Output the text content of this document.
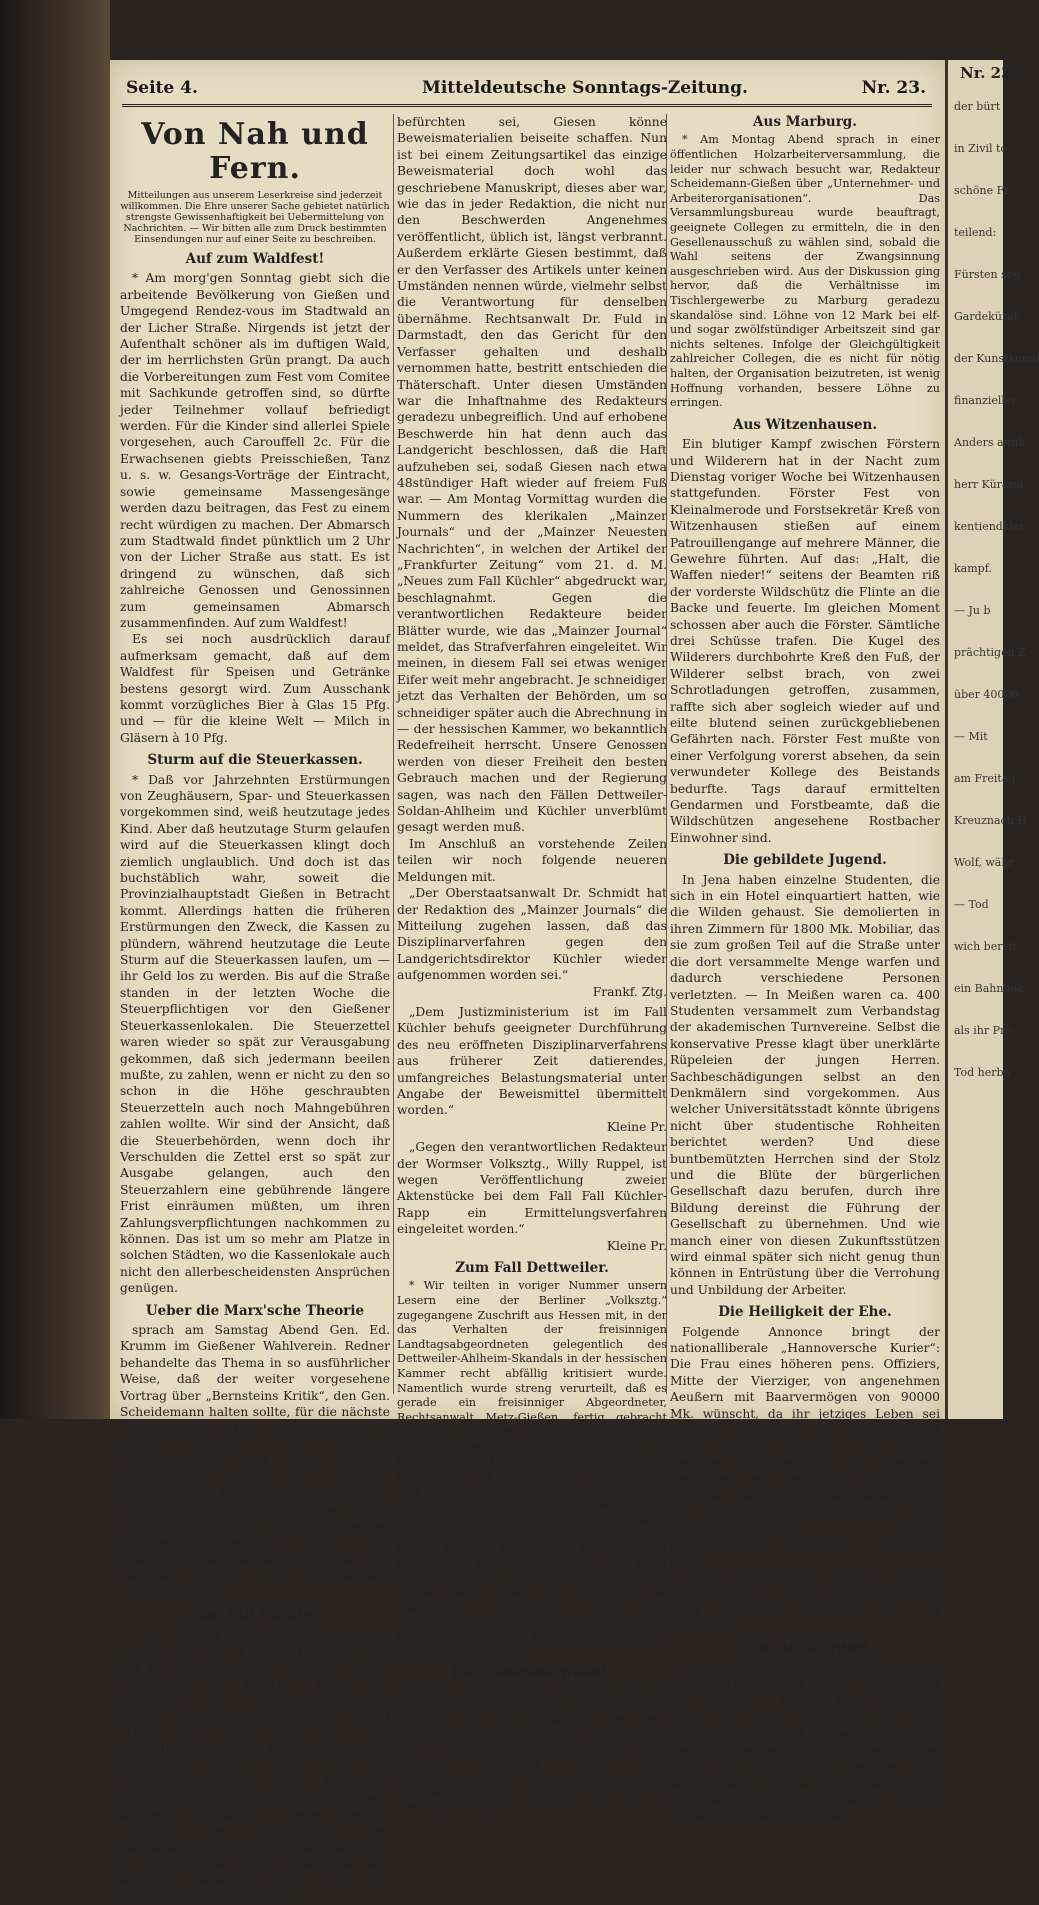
Seite 4.	Mitteldeutsche Sonntags-Zeitung.	Nr. 23.
Von Nah und Fern.
Mitteilungen aus unserem Leserkreise sind jederzeit willkommen. Die Ehre unserer Sache gebietet natürlich strengste Gewissenhaftigkeit bei Uebermittelung von Nachrichten. — Wir bitten alle zum Druck bestimmten Einsendungen nur auf einer Seite zu beschreiben.
Auf zum Waldfest!

* Am morg'gen Sonntag giebt sich die arbeitende Bevölkerung von Gießen und Umgegend Rendez-vous im Stadtwald an der Licher Straße. Nirgends ist jetzt der Aufenthalt schöner als im duftigen Wald, der im herrlichsten Grün prangt. Da auch die Vorbereitungen zum Fest vom Comitee mit Sachkunde getroffen sind, so dürfte jeder Teilnehmer vollauf befriedigt werden. Für die Kinder sind allerlei Spiele vorgesehen, auch Carouffell 2c. Für die Erwachsenen giebts Preisschießen, Tanz u. s. w. Gesangs-Vorträge der Eintracht, sowie gemeinsame Massengesänge werden dazu beitragen, das Fest zu einem recht würdigen zu machen. Der Abmarsch zum Stadtwald findet pünktlich um 2 Uhr von der Licher Straße aus statt. Es ist dringend zu wünschen, daß sich zahlreiche Genossen und Genossinnen zum gemeinsamen Abmarsch zusammenfinden. Auf zum Waldfest!

Es sei noch ausdrücklich darauf aufmerksam gemacht, daß auf dem Waldfest für Speisen und Getränke bestens gesorgt wird. Zum Ausschank kommt vorzügliches Bier à Glas 15 Pfg. und — für die kleine Welt — Milch in Gläsern à 10 Pfg.

Sturm auf die Steuerkassen.

* Daß vor Jahrzehnten Erstürmungen von Zeughäusern, Spar- und Steuerkassen vorgekommen sind, weiß heutzutage jedes Kind. Aber daß heutzutage Sturm gelaufen wird auf die Steuerkassen klingt doch ziemlich unglaublich. Und doch ist das buchstäblich wahr, soweit die Provinzialhauptstadt Gießen in Betracht kommt. Allerdings hatten die früheren Erstürmungen den Zweck, die Kassen zu plündern, während heutzutage die Leute Sturm auf die Steuerkassen laufen, um — ihr Geld los zu werden. Bis auf die Straße standen in der letzten Woche die Steuerpflichtigen vor den Gießener Steuerkassenlokalen. Die Steuerzettel waren wieder so spät zur Verausgabung gekommen, daß sich jedermann beeilen mußte, zu zahlen, wenn er nicht zu den so schon in die Höhe geschraubten Steuerzetteln auch noch Mahngebühren zahlen wollte. Wir sind der Ansicht, daß die Steuerbehörden, wenn doch ihr Verschulden die Zettel erst so spät zur Ausgabe gelangen, auch den Steuerzahlern eine gebührende längere Frist einräumen müßten, um ihren Zahlungsverpflichtungen nachkommen zu können. Das ist um so mehr am Platze in solchen Städten, wo die Kassenlokale auch nicht den allerbescheidensten Ansprüchen genügen.

Ueber die Marx'sche Theorie

sprach am Samstag Abend Gen. Ed. Krumm im Gießener Wahlverein. Redner behandelte das Thema in so ausführlicher Weise, daß der weiter vorgesehene Vortrag über „Bernsteins Kritik“, den Gen. Scheidemann halten sollte, für die nächste Versammlung vertagt werden mußte. Es wurde allseitig der Wunsch ausgesprochen, daß die nächste Versammlung wieder so zahlreich, möglichst noch besser besucht sein möge, wie diejenige vom letzten Samstag. In der am Samstag, den 10. Juni stattfindenden Wahlvereinsversammlung wird die Diskussion über die beiden Referate der Genossen Krumm und Scheidemann eröffnet werden.

Zum Fall Küchler.

* Die Affäre Küchler wächst sich immer schöner aus. Die „Frankf. Ztg.“ hatte, wie wir in unserer vorigen Nummer bereits erwähnten, in scharfer Weise die Geschäfte des Landgerichtsdirektors Küchler in Darmstadt besprochen. Darauf erhielt sie dann nicht nur eine Berichtigung, sondern der verantwortliche Redakteur Giesen wurde vor den Untersuchungsrichter nach Darmstadt geladen, um über den Verfasser des betr. Artikels auszusagen. Giesen bestritt zunächst die Zuständigkeit des Darmstädter Gerichts, da er sein Wohnsitz in Frankfurt sei und verweigerte jede Auskunft. Daraufhin wurde er in Haft genommen, da angeblich zu

befürchten sei, Giesen könne Beweismaterialien beiseite schaffen. Nun ist bei einem Zeitungsartikel das einzige Beweismaterial doch wohl das geschriebene Manuskript, dieses aber war, wie das in jeder Redaktion, die nicht nur den Beschwerden Angenehmes veröffentlicht, üblich ist, längst verbrannt. Außerdem erklärte Giesen bestimmt, daß er den Verfasser des Artikels unter keinen Umständen nennen würde, vielmehr selbst die Verantwortung für denselben übernähme. Rechtsanwalt Dr. Fuld in Darmstadt, den das Gericht für den Verfasser gehalten und deshalb vernommen hatte, bestritt entschieden die Thäterschaft. Unter diesen Umständen war die Inhaftnahme des Redakteurs geradezu unbegreiflich. Und auf erhobene Beschwerde hin hat denn auch das Landgericht beschlossen, daß die Haft aufzuheben sei, sodaß Giesen nach etwa 48stündiger Haft wieder auf freiem Fuß war. — Am Montag Vormittag wurden die Nummern des klerikalen „Mainzer Journals“ und der „Mainzer Neuesten Nachrichten“, in welchen der Artikel der „Frankfurter Zeitung“ vom 21. d. M. „Neues zum Fall Küchler“ abgedruckt war, beschlagnahmt. Gegen die verantwortlichen Redakteure beider Blätter wurde, wie das „Mainzer Journal“ meldet, das Strafverfahren eingeleitet. Wir meinen, in diesem Fall sei etwas weniger Eifer weit mehr angebracht. Je schneidiger jetzt das Verhalten der Behörden, um so schneidiger später auch die Abrechnung in — der hessischen Kammer, wo bekanntlich Redefreiheit herrscht. Unsere Genossen werden von dieser Freiheit den besten Gebrauch machen und der Regierung sagen, was nach den Fällen Dettweiler-Soldan-Ahlheim und Küchler unverblümt gesagt werden muß.

Im Anschluß an vorstehende Zeilen teilen wir noch folgende neueren Meldungen mit.

„Der Oberstaatsanwalt Dr. Schmidt hat der Redaktion des „Mainzer Journals“ die Mitteilung zugehen lassen, daß das Disziplinarverfahren gegen den Landgerichtsdirektor Küchler wieder aufgenommen worden sei.“

Frankf. Ztg.

„Dem Justizministerium ist im Fall Küchler behufs geeigneter Durchführung des neu eröffneten Disziplinarverfahrens aus früherer Zeit datierendes, umfangreiches Belastungsmaterial unter Angabe der Beweismittel übermittelt worden.“

Kleine Pr.

„Gegen den verantwortlichen Redakteur der Wormser Volksztg., Willy Ruppel, ist wegen Veröffentlichung zweier Aktenstücke bei dem Fall Fall Küchler-Rapp ein Ermittelungsverfahren eingeleitet worden.“

Kleine Pr.
Zum Fall Dettweiler.

* Wir teilten in voriger Nummer unsern Lesern eine der Berliner „Volksztg.“ zugegangene Zuschrift aus Hessen mit, in der das Verhalten der freisinnigen Landtagsabgeordneten gelegentlich des Dettweiler-Ahlheim-Skandals in der hessischen Kammer recht abfällig kritisiert wurde. Namentlich wurde streng verurteilt, daß es gerade ein freisinniger Abgeordneter, Rechtsanwalt Metz-Gießen, fertig gebracht habe, für Dettweiler eine Lanze zu brechen. Daraufhin erschien einige Tage später in der Freis. Ztg. ein Artikel, der das Verhalten des Herrn Metz zu rechtfertigen versucht. Der Abg. Metz habe nicht entschuldigen wollen, sondern bis zu einem gewissen Grade menschlich zu erklären versucht. Es habe wohl Niemand das Gefühl gehabt, daß der Abg. Ulrich, den Abg. Metz in den Sand gestreckt habe. Diesen Eindruck haben doch wohl recht viele Leute gehabt, als sie die Kammerberichte gelesen haben. Herr Metz soll doch das unkorrigierte Stenogramm seiner Rede veröffentlichen, dann wird die Rolle, welche er in jener denkwürdigen Kammersitzung spielte, aller Welt offenkundig.

Reichstagsnachwahl.

Bei der Nachwahl in Straubing hat der Centrumskandidat Eschinger mit 13 Stimmen Mehrheit über den Candidaten des bayr. Bauernbundes gesiegt. Bei der Hauptwahl im Juni v. J. siegte der Bauernbündler mit 5000 Stimmen Mehrheit über den Centrumskandidaten. Die ewigen Reibereien der Bauern„führer“ miteinander sind an der Niederlage schuld.

Aus Marburg.

* Am Montag Abend sprach in einer öffentlichen Holzarbeiterversammlung, die leider nur schwach besucht war, Redakteur Scheidemann-Gießen über „Unternehmer- und Arbeiterorganisationen“. Das Versammlungsbureau wurde beauftragt, geeignete Collegen zu ermitteln, die in den Gesellenausschuß zu wählen sind, sobald die Wahl seitens der Zwangsinnung ausgeschrieben wird. Aus der Diskussion ging hervor, daß die Verhältnisse im Tischlergewerbe zu Marburg geradezu skandalöse sind. Löhne von 12 Mark bei elf- und sogar zwölfstündiger Arbeitszeit sind gar nichts seltenes. Infolge der Gleichgültigkeit zahlreicher Collegen, die es nicht für nötig halten, der Organisation beizutreten, ist wenig Hoffnung vorhanden, bessere Löhne zu erringen.

Aus Witzenhausen.

Ein blutiger Kampf zwischen Förstern und Wilderern hat in der Nacht zum Dienstag voriger Woche bei Witzenhausen stattgefunden. Förster Fest von Kleinalmerode und Forstsekretär Kreß von Witzenhausen stießen auf einem Patrouillengange auf mehrere Männer, die Gewehre führten. Auf das: „Halt, die Waffen nieder!“ seitens der Beamten riß der vorderste Wildschütz die Flinte an die Backe und feuerte. Im gleichen Moment schossen aber auch die Förster. Sämtliche drei Schüsse trafen. Die Kugel des Wilderers durchbohrte Kreß den Fuß, der Wilderer selbst brach, von zwei Schrotladungen getroffen, zusammen, raffte sich aber sogleich wieder auf und eilte blutend seinen zurückgebliebenen Gefährten nach. Förster Fest mußte von einer Verfolgung vorerst absehen, da sein verwundeter Kollege des Beistands bedurfte. Tags darauf ermittelten Gendarmen und Forstbeamte, daß die Wildschützen angesehene Rostbacher Einwohner sind.

Die gebildete Jugend.

In Jena haben einzelne Studenten, die sich in ein Hotel einquartiert hatten, wie die Wilden gehaust. Sie demolierten in ihren Zimmern für 1800 Mk. Mobiliar, das sie zum großen Teil auf die Straße unter die dort versammelte Menge warfen und dadurch verschiedene Personen verletzten. — In Meißen waren ca. 400 Studenten versammelt zum Verbandstag der akademischen Turnvereine. Selbst die konservative Presse klagt über unerklärte Rüpeleien der jungen Herren. Sachbeschädigungen selbst an den Denkmälern sind vorgekommen. Aus welcher Universitätsstadt könnte übrigens nicht über studentische Rohheiten berichtet werden? Und diese buntbemützten Herrchen sind der Stolz und die Blüte der bürgerlichen Gesellschaft dazu berufen, durch ihre Bildung dereinst die Führung der Gesellschaft zu übernehmen. Und wie manch einer von diesen Zukunftsstützen wird einmal später sich nicht genug thun können in Entrüstung über die Verrohung und Unbildung der Arbeiter.

Die Heiligkeit der Ehe.

Folgende Annonce bringt der nationalliberale „Hannoversche Kurier“: Die Frau eines höheren pens. Offiziers, Mitte der Vierziger, von angenehmen Aeußern mit Baarvermögen von 90000 Mk. wünscht, da ihr jetziges Leben sei langem unerträglich, die Bekanntschaft eines höheren Offiziers oder hohen Beamten (Junggesellen) mit gleichem Vermögen, bez. Gehalt als Freund und Ratgeber behufs späterer Verheiratung. Nur Offerten mit Wohnort und voller Namensunterschrift werden berücksichtigt. Diskretion unbedingt sicher.“

Ist des erfrischende Wort zu diesem Inserat, das in einem nationalliberalen Blatt Aufnahme gefunden hat, ist überflüßig.

Schnell befördert.

Zu den glänzendsten Erscheinungen am Berliner Hofe gehört auch — so berichtet die „Woche“ — Fürstin Alfred zu Salm-Dyck, ein Ideal stolzester und doch reizendster Weiblichkeit. Der Zauber ihrer Persönlichkeit vermag durchzusetzen, was sonst nicht so leicht am Berliner Hofe erreicht wird. Als die Fürstin dem Kaiser auf einem Kostümfeste bemerkte, daß ihr Gemahl wohl der Einzige sei,

Nr. 23.
der bürt
in Zivil to
schöne Fr
teilend:
Fürsten sog
Gardekürat
der Kunstkenni
finanzieller
Anders antik
herr Kürassi
kentiendklar
kampf.
— Ju b
prächtigen Z
über 40000
— Mit
am Freitag
Kreuznach H
Wolf, währ
— Tod
wich bereit
ein Bahnhok
als ihr Pro
Tod herbe
